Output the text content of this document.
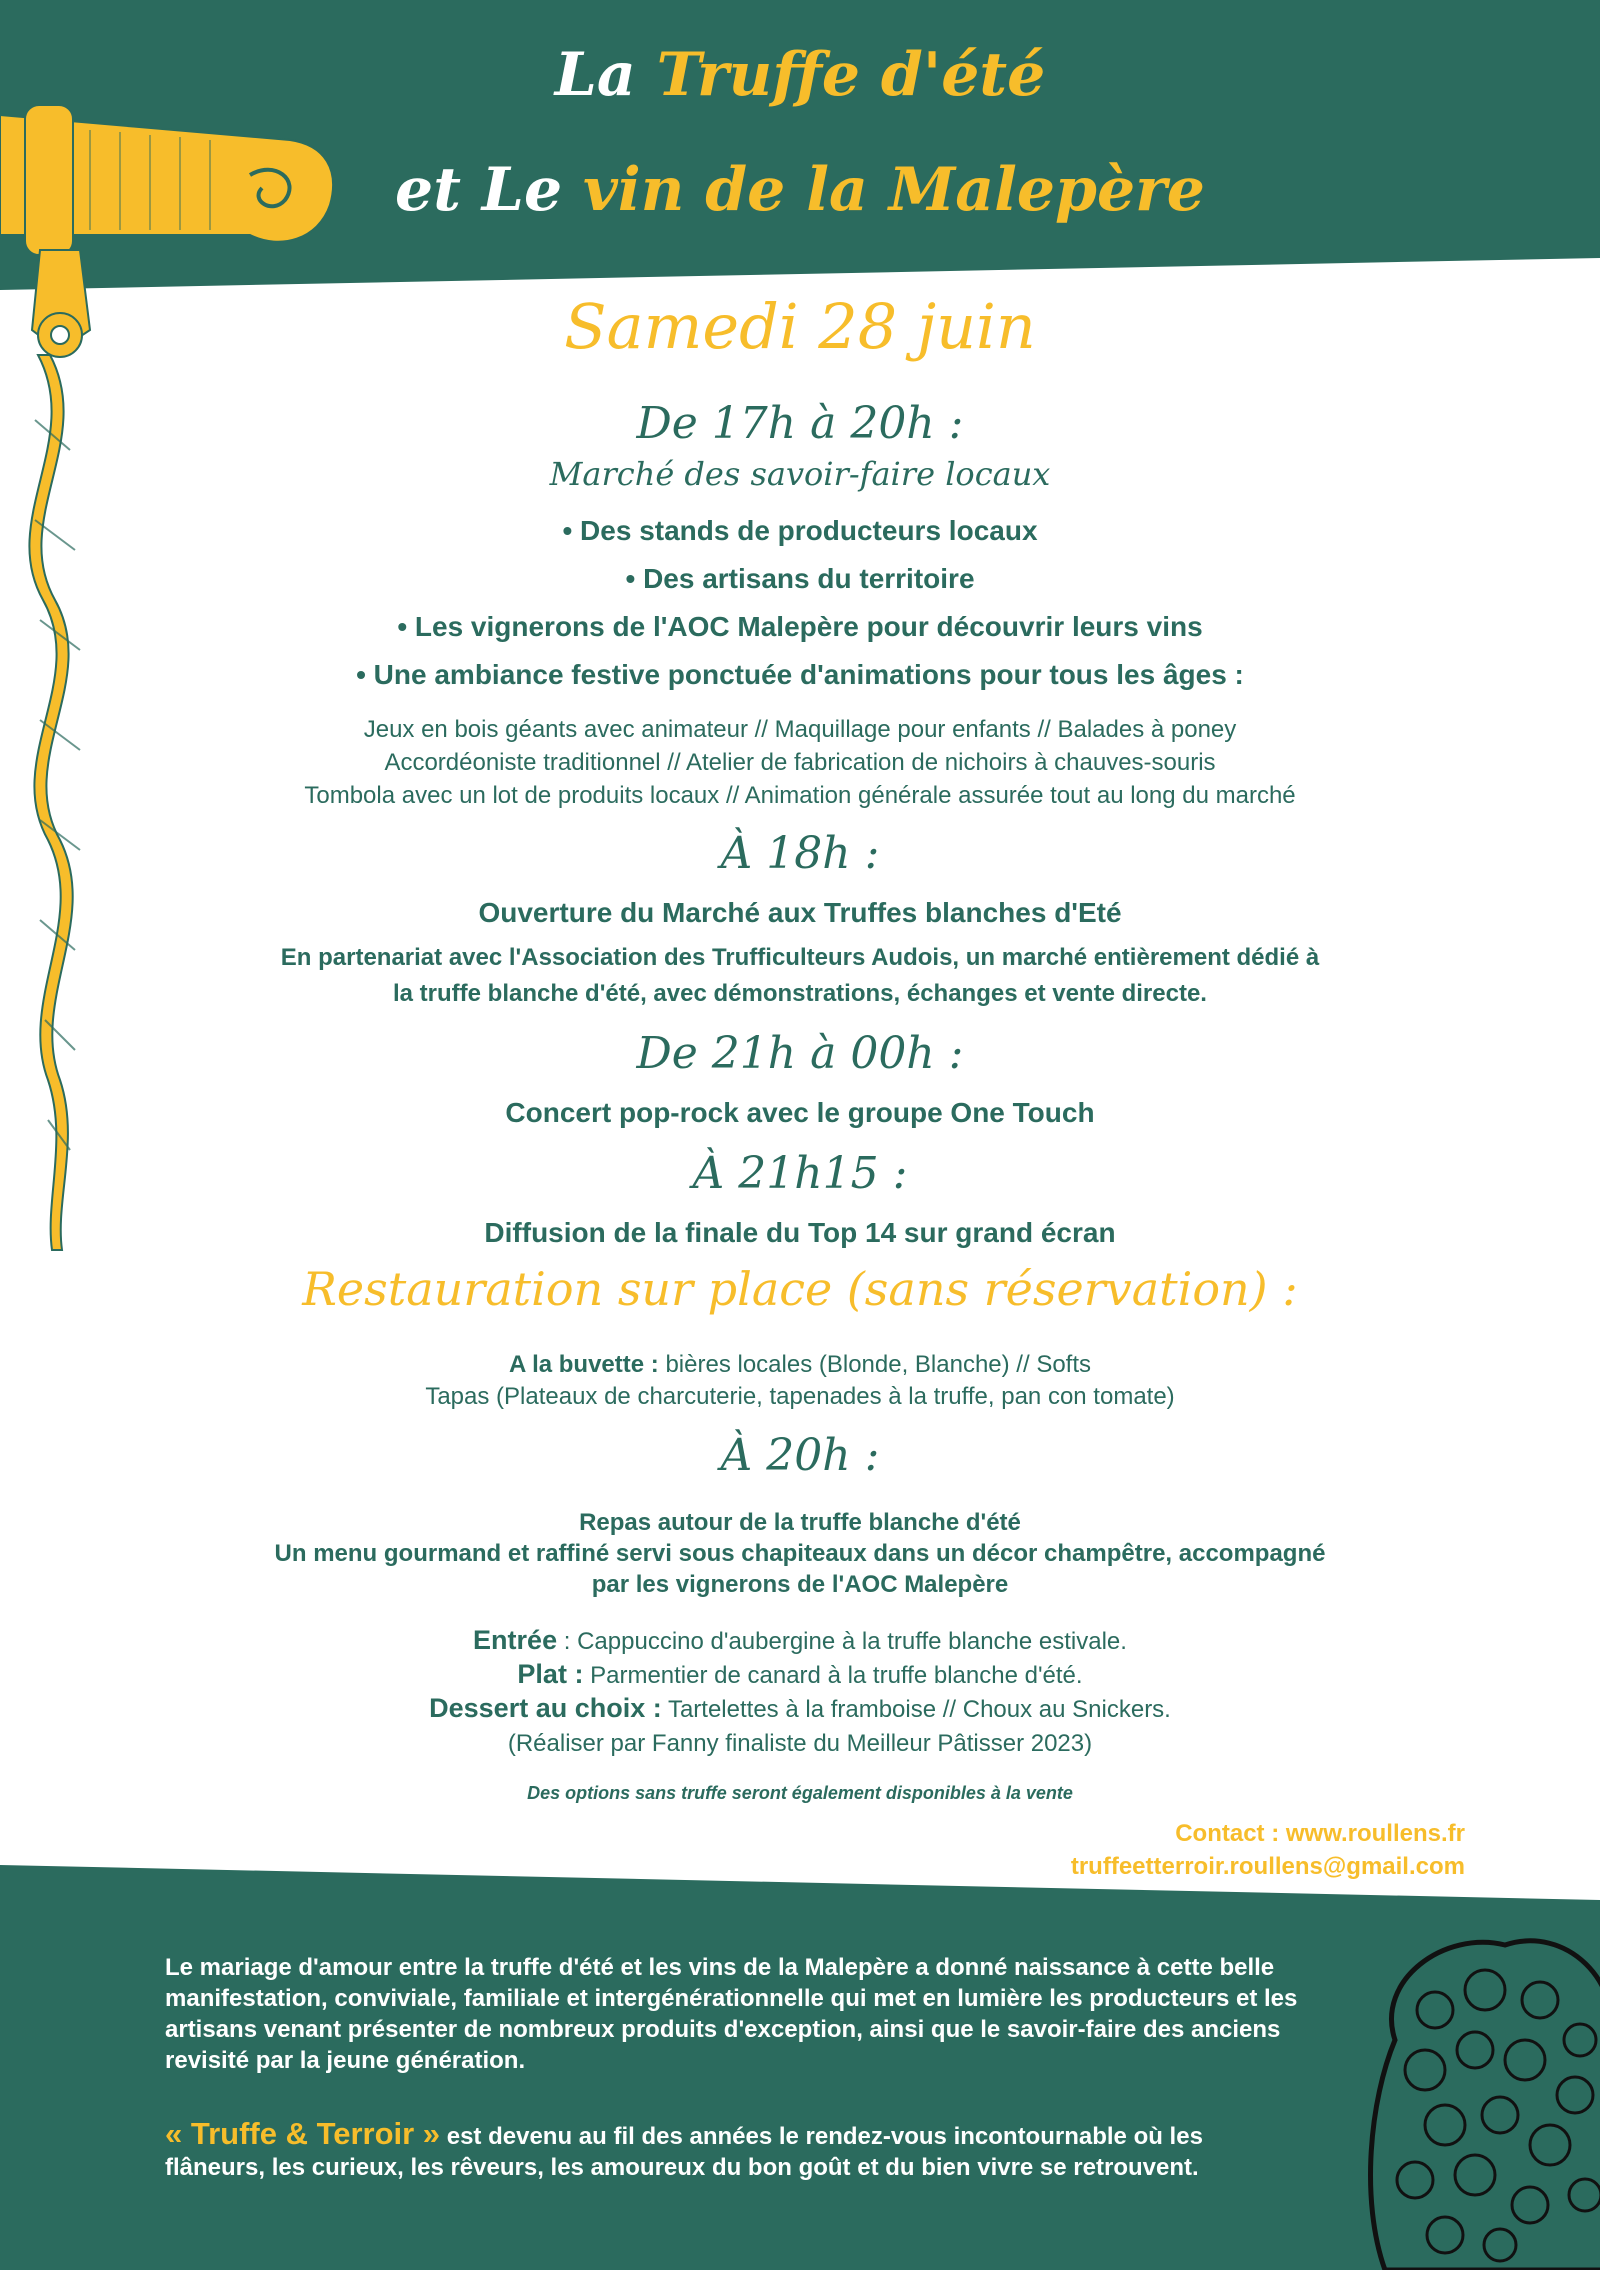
La Truffe d'été
et Le vin de la Malepère
Samedi 28 juin
De 17h à 20h :
Marché des savoir-faire locaux
• Des stands de producteurs locaux
• Des artisans du territoire
• Les vignerons de l'AOC Malepère pour découvrir leurs vins
• Une ambiance festive ponctuée d'animations pour tous les âges :
Jeux en bois géants avec animateur // Maquillage pour enfants // Balades à poney
Accordéoniste traditionnel // Atelier de fabrication de nichoirs à chauves-souris
Tombola avec un lot de produits locaux // Animation générale assurée tout au long du marché
À 18h :
Ouverture du Marché aux Truffes blanches d'Eté
En partenariat avec l'Association des Trufficulteurs Audois, un marché entièrement dédié à
la truffe blanche d'été, avec démonstrations, échanges et vente directe.
De 21h à 00h :
Concert pop-rock avec le groupe One Touch
À 21h15 :
Diffusion de la finale du Top 14 sur grand écran
Restauration sur place (sans réservation) :
A la buvette : bières locales (Blonde, Blanche) // Softs
Tapas (Plateaux de charcuterie, tapenades à la truffe, pan con tomate)
À 20h :
Repas autour de la truffe blanche d'été
Un menu gourmand et raffiné servi sous chapiteaux dans un décor champêtre, accompagné
par les vignerons de l'AOC Malepère
Entrée : Cappuccino d'aubergine à la truffe blanche estivale.
Plat : Parmentier de canard à la truffe blanche d'été.
Dessert au choix : Tartelettes à la framboise // Choux au Snickers.
(Réaliser par Fanny finaliste du Meilleur Pâtisser 2023)
Des options sans truffe seront également disponibles à la vente
Contact : www.roullens.fr
truffeetterroir.roullens@gmail.com
Le mariage d'amour entre la truffe d'été et les vins de la Malepère a donné naissance à cette belle manifestation, conviviale, familiale et intergénérationnelle qui met en lumière les producteurs et les artisans venant présenter de nombreux produits d'exception, ainsi que le savoir-faire des anciens revisité par la jeune génération.
« Truffe & Terroir » est devenu au fil des années le rendez-vous incontournable où les flâneurs, les curieux, les rêveurs, les amoureux du bon goût et du bien vivre se retrouvent.
